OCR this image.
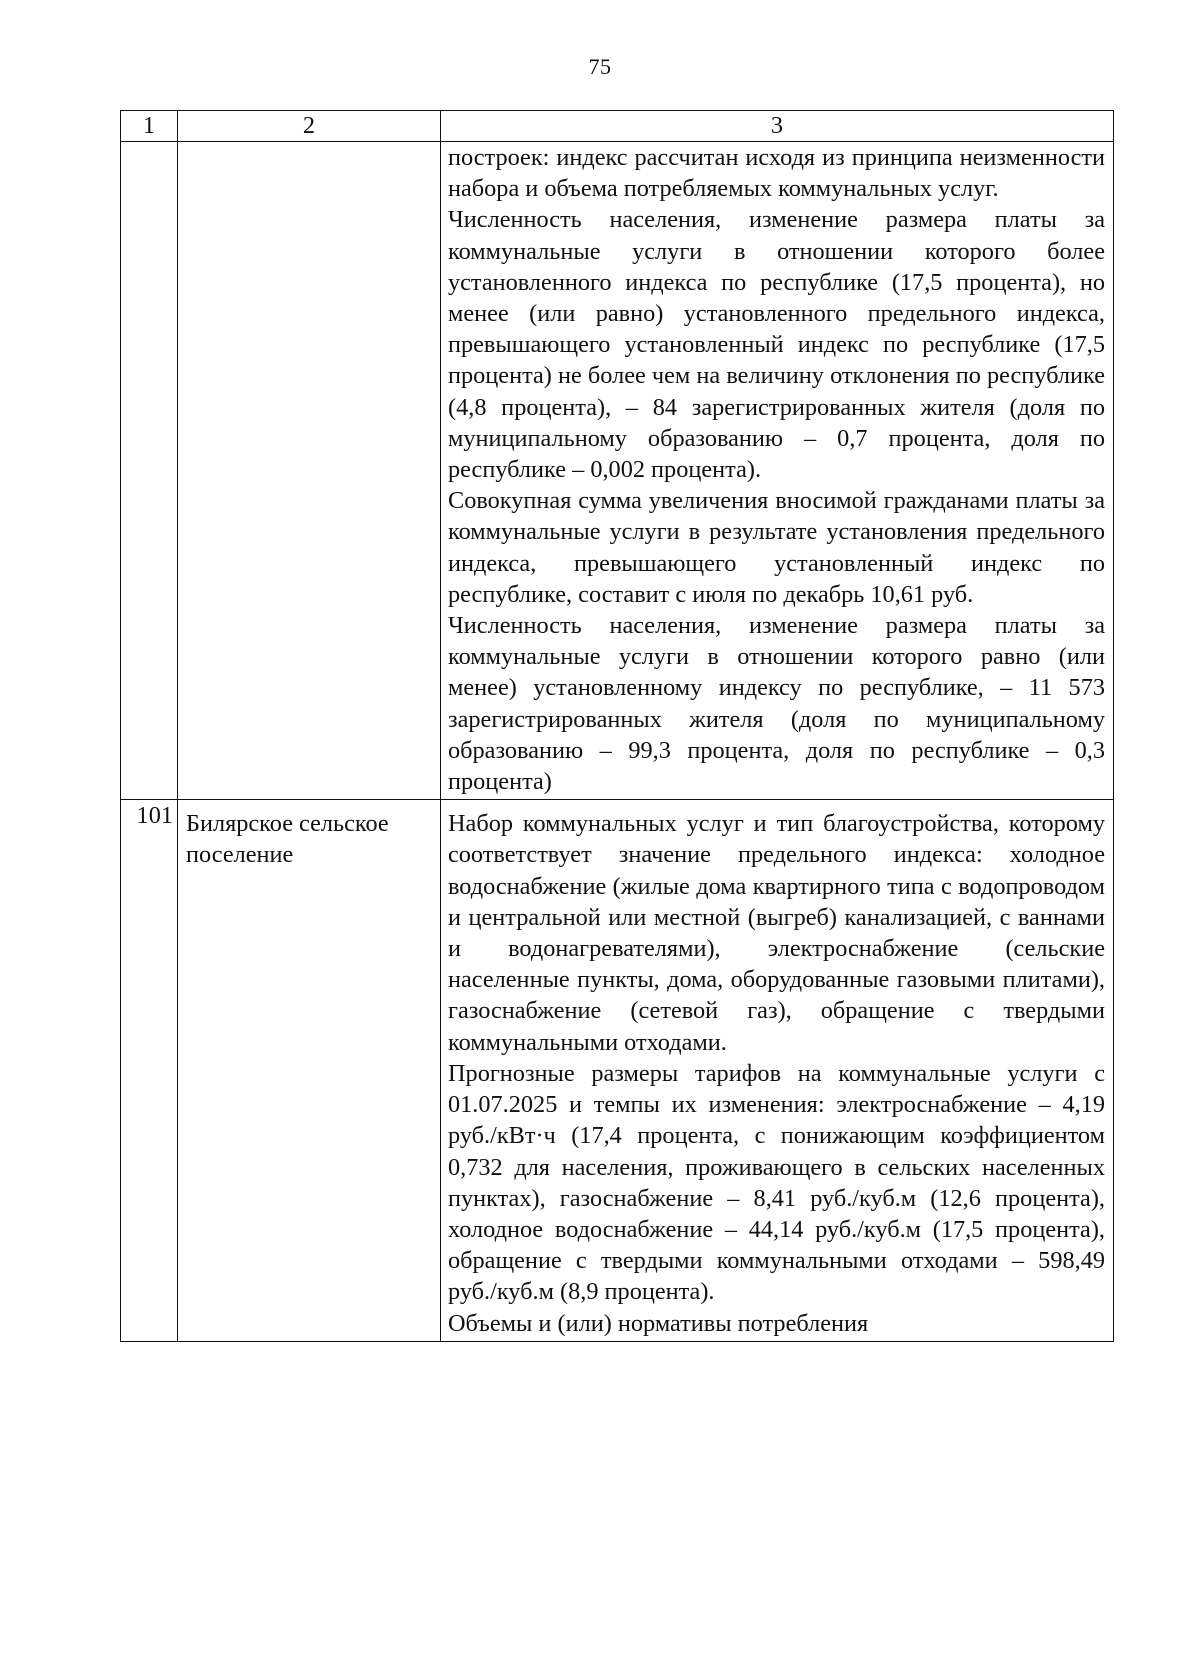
75
1	2	3

		построек: индекс рассчитан исходя из принципа неизменности набора и объема потребляемых коммунальных услуг.

Численность населения, изменение размера платы за коммунальные услуги в отношении которого более установленного индекса по республике (17,5 процента), но менее (или равно) установленного предельного индекса, превышающего установленный индекс по республике (17,5 процента) не более чем на величину отклонения по республике (4,8 процента), – 84 зарегистрированных жителя (доля по муниципальному образованию – 0,7 процента, доля по республике – 0,002 процента).

Совокупная сумма увеличения вносимой гражданами платы за коммунальные услуги в результате установления предельного индекса, превышающего установленный индекс по республике, составит с июля по декабрь 10,61 руб.

Численность населения, изменение размера платы за коммунальные услуги в отношении которого равно (или менее) установленному индексу по республике, – 11 573 зарегистрированных жителя (доля по муниципальному образованию – 99,3 процента, доля по республике – 0,3 процента)

101	Билярское сельское поселение	Набор коммунальных услуг и тип благоустройства, которому соответствует значение предельного индекса: холодное водоснабжение (жилые дома квартирного типа с водопроводом и центральной или местной (выгреб) канализацией, с ваннами и водонагревателями), электроснабжение (сельские населенные пункты, дома, оборудованные газовыми плитами), газоснабжение (сетевой газ), обращение с твердыми коммунальными отходами.

Прогнозные размеры тарифов на коммунальные услуги с 01.07.2025 и темпы их изменения: электроснабжение – 4,19 руб./кВт·ч (17,4 процента, с понижающим коэффициентом 0,732 для населения, проживающего в сельских населенных пунктах), газоснабжение – 8,41 руб./куб.м (12,6 процента), холодное водоснабжение – 44,14 руб./куб.м (17,5 процента), обращение с твердыми коммунальными отходами – 598,49 руб./куб.м (8,9 процента).

Объемы и (или) нормативы потребления
